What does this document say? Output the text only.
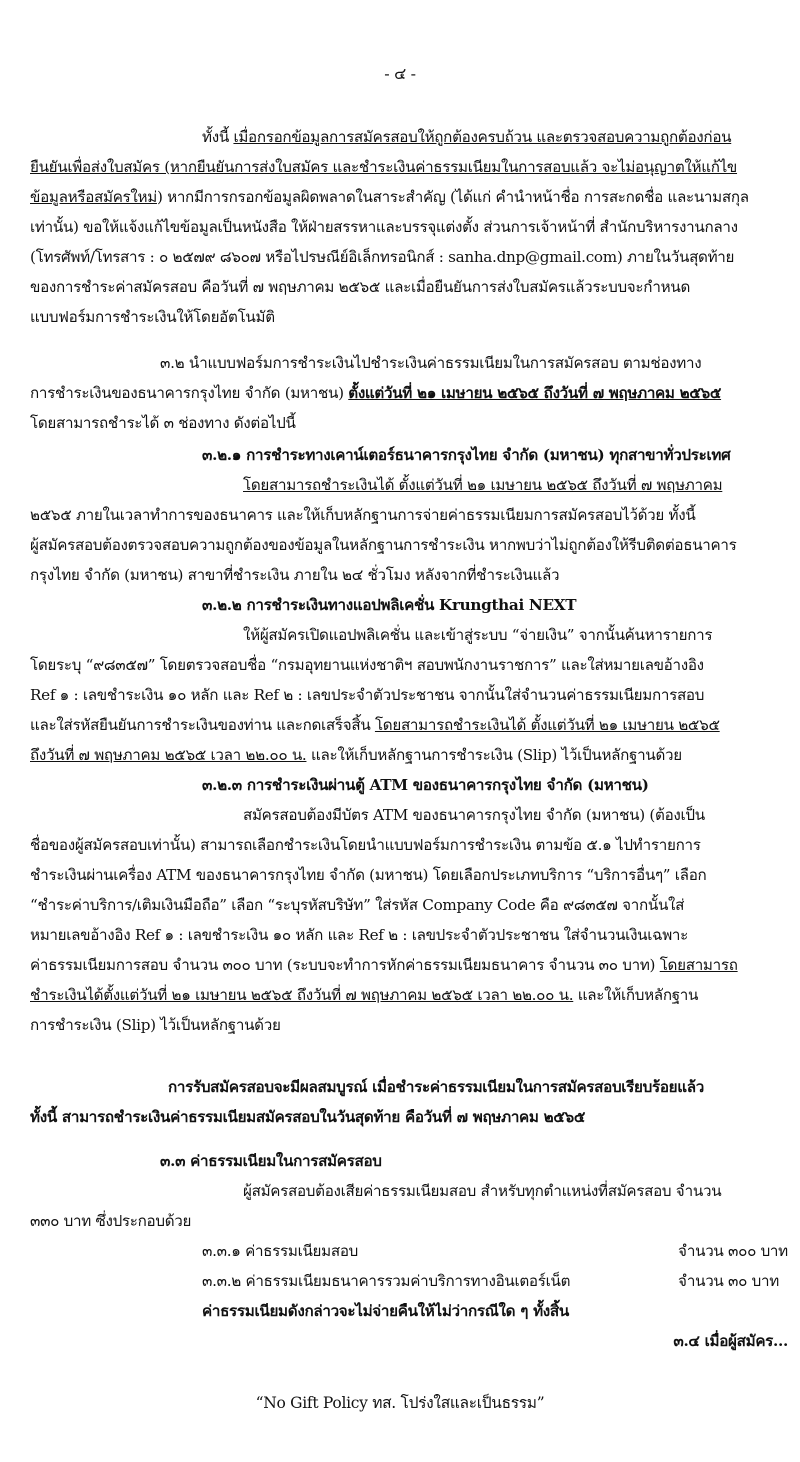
- ๔ -

ทั้งนี้ เมื่อกรอกข้อมูลการสมัครสอบให้ถูกต้องครบถ้วน และตรวจสอบความถูกต้องก่อน

ยืนยันเพื่อส่งใบสมัคร (หากยืนยันการส่งใบสมัคร และชำระเงินค่าธรรมเนียมในการสอบแล้ว จะไม่อนุญาตให้แก้ไข

ข้อมูลหรือสมัครใหม่) หากมีการกรอกข้อมูลผิดพลาดในสาระสำคัญ (ได้แก่ คำนำหน้าชื่อ การสะกดชื่อ และนามสกุล

เท่านั้น) ขอให้แจ้งแก้ไขข้อมูลเป็นหนังสือ ให้ฝ่ายสรรหาและบรรจุแต่งตั้ง ส่วนการเจ้าหน้าที่ สำนักบริหารงานกลาง

(โทรศัพท์/โทรสาร : ๐ ๒๕๗๙ ๘๖๐๗ หรือไปรษณีย์อิเล็กทรอนิกส์ : sanha.dnp@gmail.com) ภายในวันสุดท้าย

ของการชำระค่าสมัครสอบ คือวันที่ ๗ พฤษภาคม ๒๕๖๕ และเมื่อยืนยันการส่งใบสมัครแล้วระบบจะกำหนด

แบบฟอร์มการชำระเงินให้โดยอัตโนมัติ

๓.๒ นำแบบฟอร์มการชำระเงินไปชำระเงินค่าธรรมเนียมในการสมัครสอบ ตามช่องทาง

การชำระเงินของธนาคารกรุงไทย จำกัด (มหาชน) ตั้งแต่วันที่ ๒๑ เมษายน ๒๕๖๕ ถึงวันที่ ๗ พฤษภาคม ๒๕๖๕

โดยสามารถชำระได้ ๓ ช่องทาง ดังต่อไปนี้

๓.๒.๑ การชำระทางเคาน์เตอร์ธนาคารกรุงไทย จำกัด (มหาชน) ทุกสาขาทั่วประเทศ

โดยสามารถชำระเงินได้ ตั้งแต่วันที่ ๒๑ เมษายน ๒๕๖๕ ถึงวันที่ ๗ พฤษภาคม

๒๕๖๕ ภายในเวลาทำการของธนาคาร และให้เก็บหลักฐานการจ่ายค่าธรรมเนียมการสมัครสอบไว้ด้วย ทั้งนี้

ผู้สมัครสอบต้องตรวจสอบความถูกต้องของข้อมูลในหลักฐานการชำระเงิน หากพบว่าไม่ถูกต้องให้รีบติดต่อธนาคาร

กรุงไทย จำกัด (มหาชน) สาขาที่ชำระเงิน ภายใน ๒๔ ชั่วโมง หลังจากที่ชำระเงินแล้ว

๓.๒.๒ การชำระเงินทางแอปพลิเคชั่น Krungthai NEXT

ให้ผู้สมัครเปิดแอปพลิเคชั่น และเข้าสู่ระบบ “จ่ายเงิน” จากนั้นค้นหารายการ

โดยระบุ “๙๘๓๕๗” โดยตรวจสอบชื่อ “กรมอุทยานแห่งชาติฯ สอบพนักงานราชการ” และใส่หมายเลขอ้างอิง

Ref ๑ : เลขชำระเงิน ๑๐ หลัก และ Ref ๒ : เลขประจำตัวประชาชน จากนั้นใส่จำนวนค่าธรรมเนียมการสอบ

และใส่รหัสยืนยันการชำระเงินของท่าน และกดเสร็จสิ้น โดยสามารถชำระเงินได้ ตั้งแต่วันที่ ๒๑ เมษายน ๒๕๖๕

ถึงวันที่ ๗ พฤษภาคม ๒๕๖๕ เวลา ๒๒.๐๐ น. และให้เก็บหลักฐานการชำระเงิน (Slip) ไว้เป็นหลักฐานด้วย

๓.๒.๓ การชำระเงินผ่านตู้ ATM ของธนาคารกรุงไทย จำกัด (มหาชน)

สมัครสอบต้องมีบัตร ATM ของธนาคารกรุงไทย จำกัด (มหาชน) (ต้องเป็น

ชื่อของผู้สมัครสอบเท่านั้น) สามารถเลือกชำระเงินโดยนำแบบฟอร์มการชำระเงิน ตามข้อ ๕.๑ ไปทำรายการ

ชำระเงินผ่านเครื่อง ATM ของธนาคารกรุงไทย จำกัด (มหาชน) โดยเลือกประเภทบริการ “บริการอื่นๆ” เลือก

“ชำระค่าบริการ/เติมเงินมือถือ” เลือก “ระบุรหัสบริษัท” ใส่รหัส Company Code คือ ๙๘๓๕๗ จากนั้นใส่

หมายเลขอ้างอิง Ref ๑ : เลขชำระเงิน ๑๐ หลัก และ Ref ๒ : เลขประจำตัวประชาชน ใส่จำนวนเงินเฉพาะ

ค่าธรรมเนียมการสอบ จำนวน ๓๐๐ บาท (ระบบจะทำการหักค่าธรรมเนียมธนาคาร จำนวน ๓๐ บาท) โดยสามารถ

ชำระเงินได้ตั้งแต่วันที่ ๒๑ เมษายน ๒๕๖๕ ถึงวันที่ ๗ พฤษภาคม ๒๕๖๕ เวลา ๒๒.๐๐ น. และให้เก็บหลักฐาน

การชำระเงิน (Slip) ไว้เป็นหลักฐานด้วย

การรับสมัครสอบจะมีผลสมบูรณ์ เมื่อชำระค่าธรรมเนียมในการสมัครสอบเรียบร้อยแล้ว

ทั้งนี้ สามารถชำระเงินค่าธรรมเนียมสมัครสอบในวันสุดท้าย คือวันที่ ๗ พฤษภาคม ๒๕๖๕

๓.๓ ค่าธรรมเนียมในการสมัครสอบ

ผู้สมัครสอบต้องเสียค่าธรรมเนียมสอบ สำหรับทุกตำแหน่งที่สมัครสอบ จำนวน

๓๓๐ บาท ซึ่งประกอบด้วย

๓.๓.๑ ค่าธรรมเนียมสอบ	จำนวน ๓๐๐ บาท

๓.๓.๒ ค่าธรรมเนียมธนาคารรวมค่าบริการทางอินเตอร์เน็ต	จำนวน ๓๐ บาท

ค่าธรรมเนียมดังกล่าวจะไม่จ่ายคืนให้ไม่ว่ากรณีใด ๆ ทั้งสิ้น

๓.๔ เมื่อผู้สมัคร...

“No Gift Policy ทส. โปร่งใสและเป็นธรรม”
